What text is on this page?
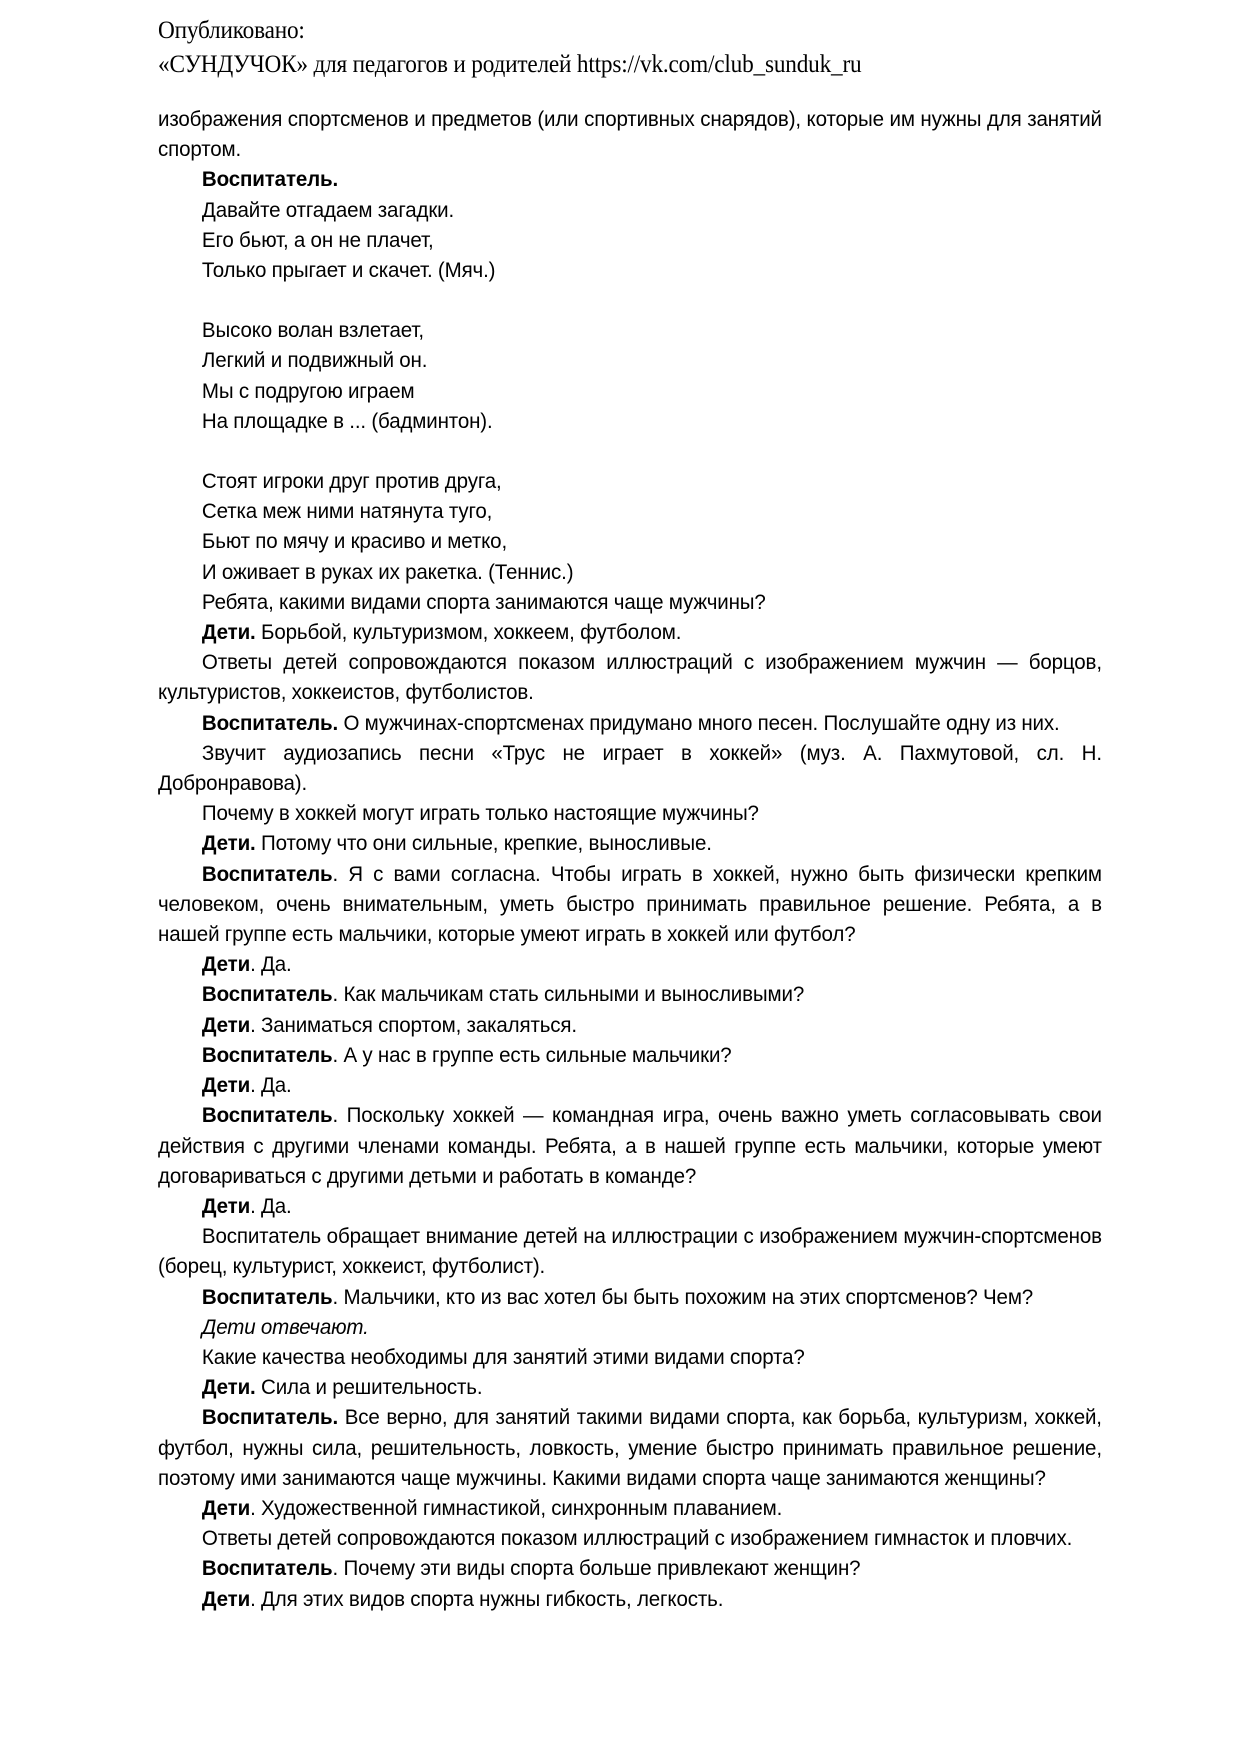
Опубликовано:
«СУНДУЧОК» для педагогов и родителей https://vk.com/club_sunduk_ru

изображения спортсменов и предметов (или спортивных снарядов), которые им нужны для занятий спортом.

Воспитатель.

Давайте отгадаем загадки.

Его бьют, а он не плачет,

Только прыгает и скачет. (Мяч.)

Высоко волан взлетает,

Легкий и подвижный он.

Мы с подругою играем

На площадке в ... (бадминтон).

Стоят игроки друг против друга,

Сетка меж ними натянута туго,

Бьют по мячу и красиво и метко,

И оживает в руках их ракетка. (Теннис.)

Ребята, какими видами спорта занимаются чаще мужчины?

Дети. Борьбой, культуризмом, хоккеем, футболом.

Ответы детей сопровождаются показом иллюстраций с изображением мужчин — борцов, культуристов, хоккеистов, футболистов.

Воспитатель. О мужчинах-спортсменах придумано много песен. Послушайте одну из них.

Звучит аудиозапись песни «Трус не играет в хоккей» (муз. А. Пахмутовой, сл. Н. Добронравова).

Почему в хоккей могут играть только настоящие мужчины?

Дети. Потому что они сильные, крепкие, выносливые.

Воспитатель. Я с вами согласна. Чтобы играть в хоккей, нужно быть физически крепким человеком, очень внимательным, уметь быстро принимать правильное решение. Ребята, а в нашей группе есть мальчики, которые умеют играть в хоккей или футбол?

Дети. Да.

Воспитатель. Как мальчикам стать сильными и выносливыми?

Дети. Заниматься спортом, закаляться.

Воспитатель. А у нас в группе есть сильные мальчики?

Дети. Да.

Воспитатель. Поскольку хоккей — командная игра, очень важно уметь согласовывать свои действия с другими членами команды. Ребята, а в нашей группе есть мальчики, которые умеют договариваться с другими детьми и работать в команде?

Дети. Да.

Воспитатель обращает внимание детей на иллюстрации с изображением мужчин-спортсменов (борец, культурист, хоккеист, футболист).

Воспитатель. Мальчики, кто из вас хотел бы быть похожим на этих спортсменов? Чем?

Дети отвечают.

Какие качества необходимы для занятий этими видами спорта?

Дети. Сила и решительность.

Воспитатель. Все верно, для занятий такими видами спорта, как борьба, культуризм, хоккей, футбол, нужны сила, решительность, ловкость, умение быстро принимать правильное решение, поэтому ими занимаются чаще мужчины. Какими видами спорта чаще занимаются женщины?

Дети. Художественной гимнастикой, синхронным плаванием.

Ответы детей сопровождаются показом иллюстраций с изображением гимнасток и пловчих.

Воспитатель. Почему эти виды спорта больше привлекают женщин?

Дети. Для этих видов спорта нужны гибкость, легкость.
